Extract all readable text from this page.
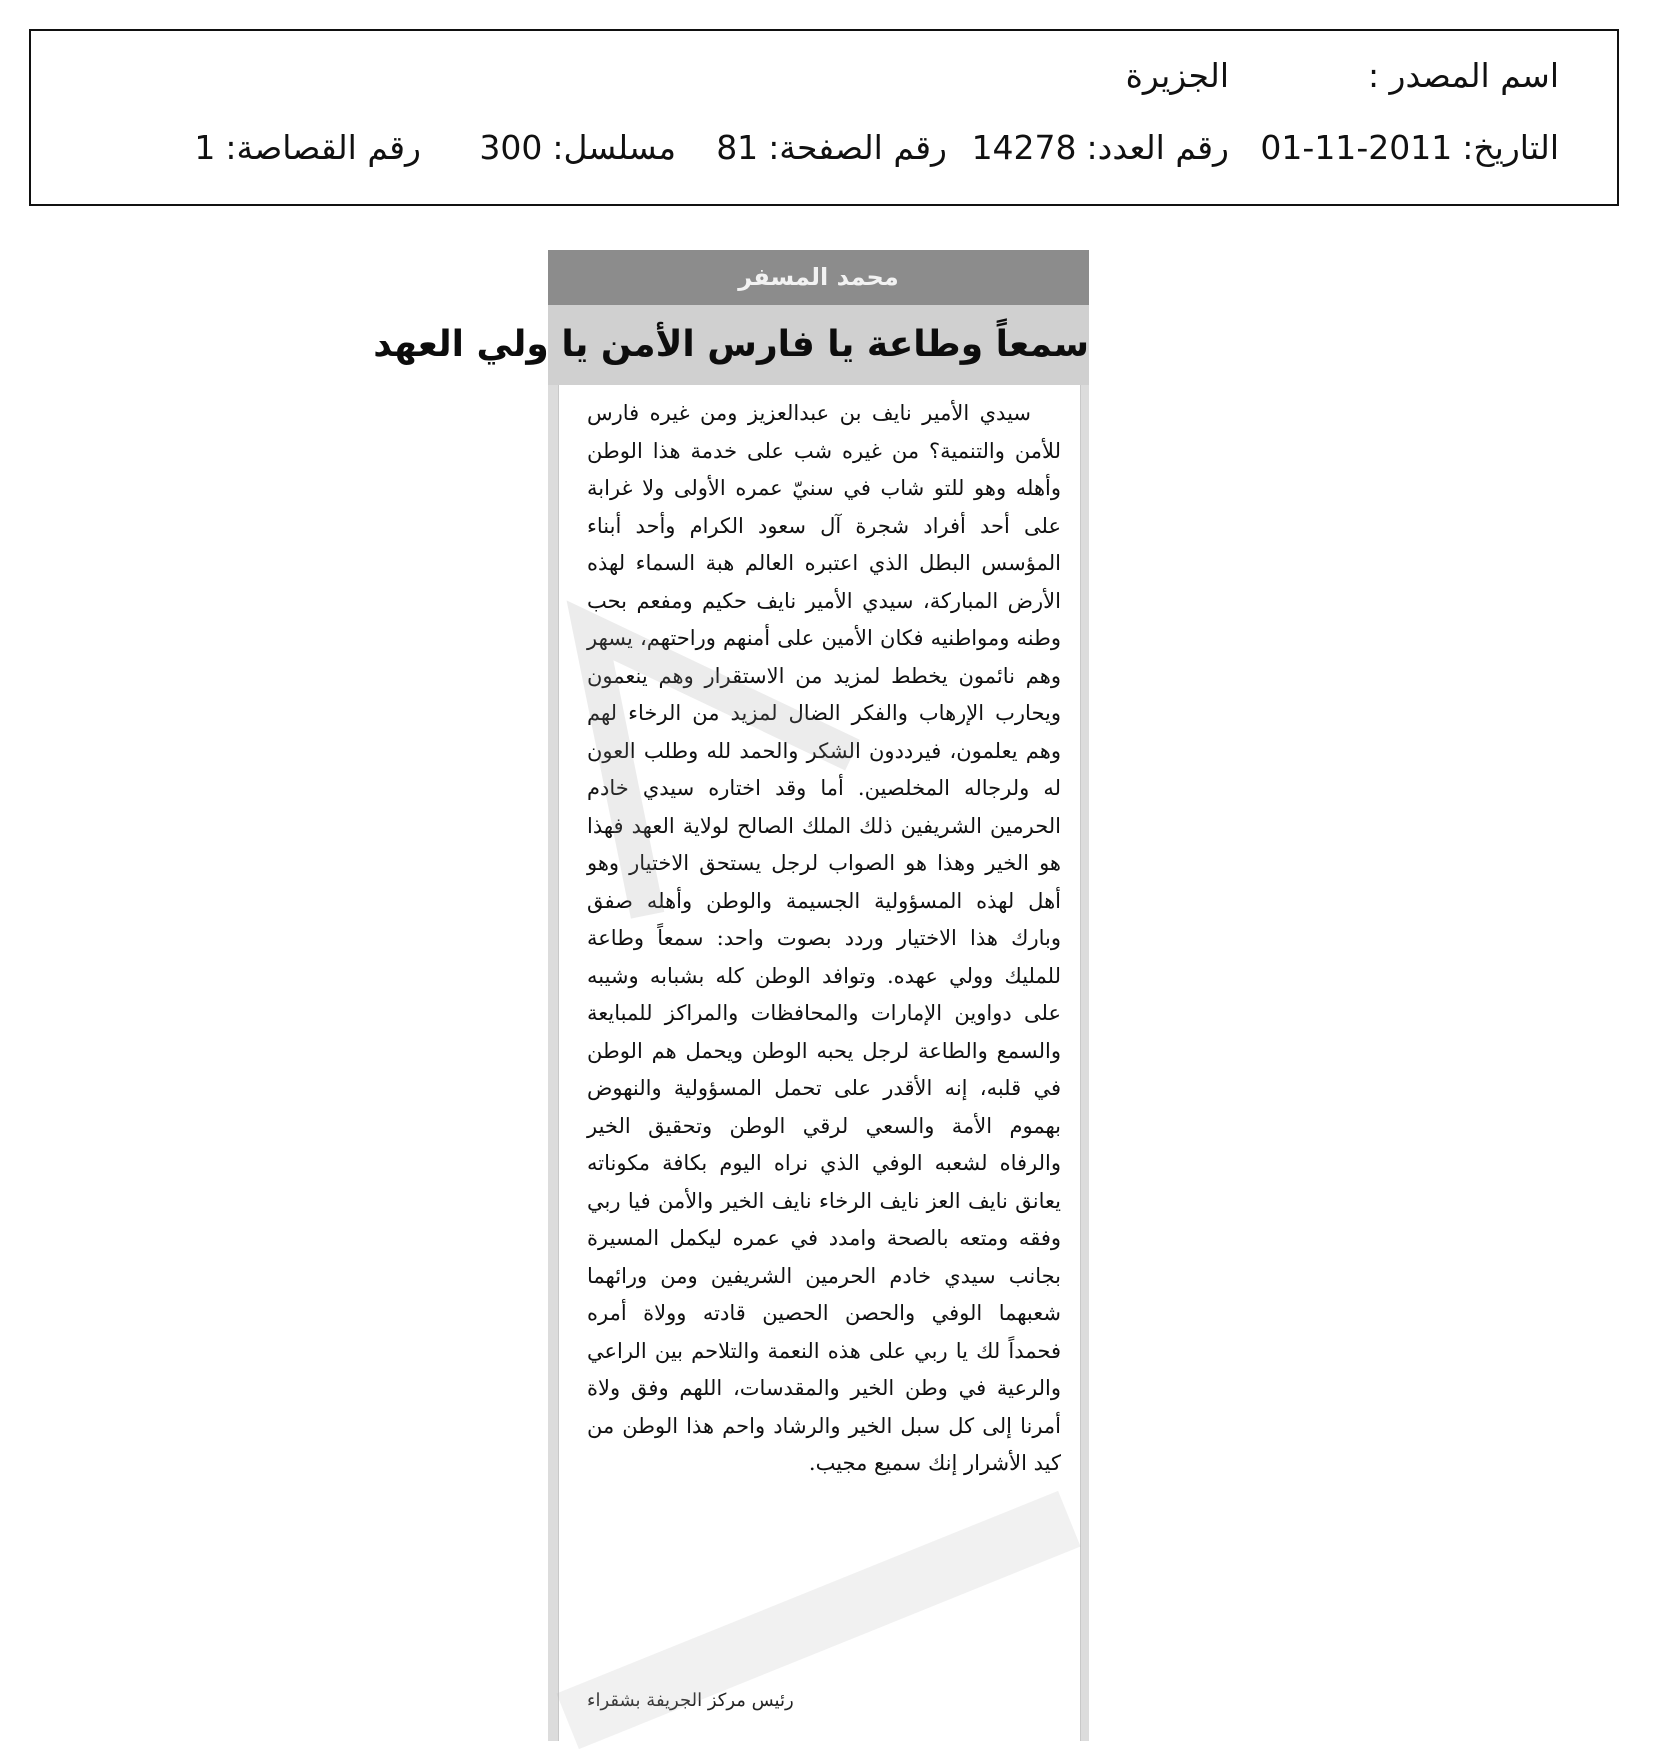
اسم المصدر :
الجزيرة
التاريخ:2011-11-01
رقم العدد:14278
رقم الصفحة:81
مسلسل:300
رقم القصاصة:1
محمد المسفر
سمعاً وطاعة يا فارس الأمن يا ولي العهد

سيدي الأمير نايف بن عبدالعزيز ومن غيره فارس للأمن والتنمية؟ من غيره شب على خدمة هذا الوطن وأهله وهو للتو شاب في سنيّ عمره الأولى ولا غرابة على أحد أفراد شجرة آل سعود الكرام وأحد أبناء المؤسس البطل الذي اعتبره العالم هبة السماء لهذه الأرض المباركة، سيدي الأمير نايف حكيم ومفعم بحب وطنه ومواطنيه فكان الأمين على أمنهم وراحتهم، يسهر وهم نائمون يخطط لمزيد من الاستقرار وهم ينعمون ويحارب الإرهاب والفكر الضال لمزيد من الرخاء لهم وهم يعلمون، فيرددون الشكر والحمد لله وطلب العون له ولرجاله المخلصين. أما وقد اختاره سيدي خادم الحرمين الشريفين ذلك الملك الصالح لولاية العهد فهذا هو الخير وهذا هو الصواب لرجل يستحق الاختيار وهو أهل لهذه المسؤولية الجسيمة والوطن وأهله صفق وبارك هذا الاختيار وردد بصوت واحد: سمعاً وطاعة للمليك وولي عهده. وتوافد الوطن كله بشبابه وشيبه على دواوين الإمارات والمحافظات والمراكز للمبايعة والسمع والطاعة لرجل يحبه الوطن ويحمل هم الوطن في قلبه، إنه الأقدر على تحمل المسؤولية والنهوض بهموم الأمة والسعي لرقي الوطن وتحقيق الخير والرفاه لشعبه الوفي الذي نراه اليوم بكافة مكوناته يعانق نايف العز نايف الرخاء نايف الخير والأمن فيا ربي وفقه ومتعه بالصحة وامدد في عمره ليكمل المسيرة بجانب سيدي خادم الحرمين الشريفين ومن ورائهما شعبهما الوفي والحصن الحصين قادته وولاة أمره فحمداً لك يا ربي على هذه النعمة والتلاحم بين الراعي والرعية في وطن الخير والمقدسات، اللهم وفق ولاة أمرنا إلى كل سبل الخير والرشاد واحم هذا الوطن من كيد الأشرار إنك سميع مجيب.

رئيس مركز الجريفة بشقراء
